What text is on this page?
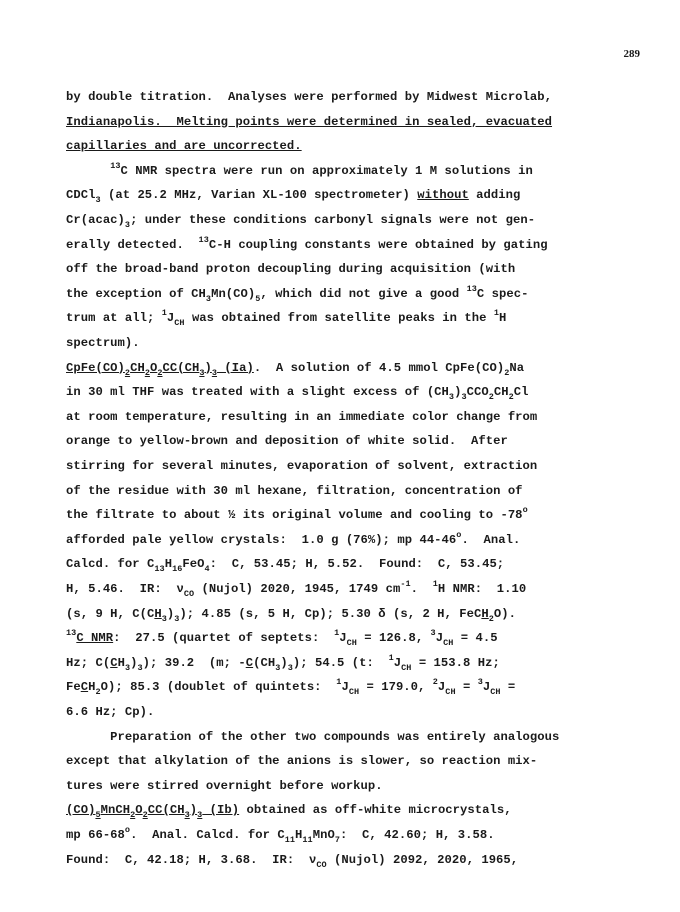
289
by double titration.  Analyses were performed by Midwest Microlab,
Indianapolis.  Melting points were determined in sealed, evacuated
capillaries and are uncorrected.
$^{13}$C NMR spectra were run on approximately 1 M solutions in
CDCl$_3$ (at 25.2 MHz, Varian XL-100 spectrometer) without adding
$Cr(acac)_3$; under these conditions carbonyl signals were not gen-
erally detected.  $^{13}$C-H coupling constants were obtained by gating
off the broad-band proton decoupling during acquisition (with
the exception of $CH_3Mn(CO)_5$, which did not give a good $^{13}$C spec-
trum at all; $^1J_{CH}$ was obtained from satellite peaks in the $^1$H
spectrum).
$CpFe(CO)_2CH_2O_2CC(CH_3)_3$ (Ia).  A solution of 4.5 mmol $CpFe(CO)_2Na$
in 30 ml THF was treated with a slight excess of $(CH_3)_3CCO_2CH_2Cl$
at room temperature, resulting in an immediate color change from
orange to yellow-brown and deposition of white solid.  After
stirring for several minutes, evaporation of solvent, extraction
of the residue with 30 ml hexane, filtration, concentration of
the filtrate to about ½ its original volume and cooling to -78$^o$
afforded pale yellow crystals:  1.0 g (76%); mp 44-46$^o$.  Anal.
Calcd. for $C_{13}H_{16}FeO_4$:  C, 53.45; H, 5.52.  Found:  C, 53.45;
H, 5.46.  IR:  $\nu_{CO}$ (Nujol) 2020, 1945, 1749 $cm^{-1}$.  $^1$H NMR:  1.10
(s, 9 H, $C(CH_3)_3$); 4.85 (s, 5 H, Cp); 5.30 δ (s, 2 H, FeCH$_2$O).
$^{13}$C NMR:  27.5 (quartet of septets:  $^1J_{CH} = 126.8$, $^3J_{CH} = 4.5$
Hz; $C(CH_3)_3$); 39.2  (m; $-C(CH_3)_3$); 54.5 (t:  $^1J_{CH} = 153.8$ Hz;
FeCH$_2$O); 85.3 (doublet of quintets:  $^1J_{CH} = 179.0$, $^2J_{CH} = ^3J_{CH}$ =
6.6 Hz; Cp).
Preparation of the other two compounds was entirely analogous
except that alkylation of the anions is slower, so reaction mix-
tures were stirred overnight before workup.
$(CO)_5MnCH_2O_2CC(CH_3)_3$ (Ib) obtained as off-white microcrystals,
mp 66-68$^o$.  Anal. Calcd. for $C_{11}H_{11}MnO_7$:  C, 42.60; H, 3.58.
Found:  C, 42.18; H, 3.68.  IR:  $\nu_{CO}$ (Nujol) 2092, 2020, 1965,
